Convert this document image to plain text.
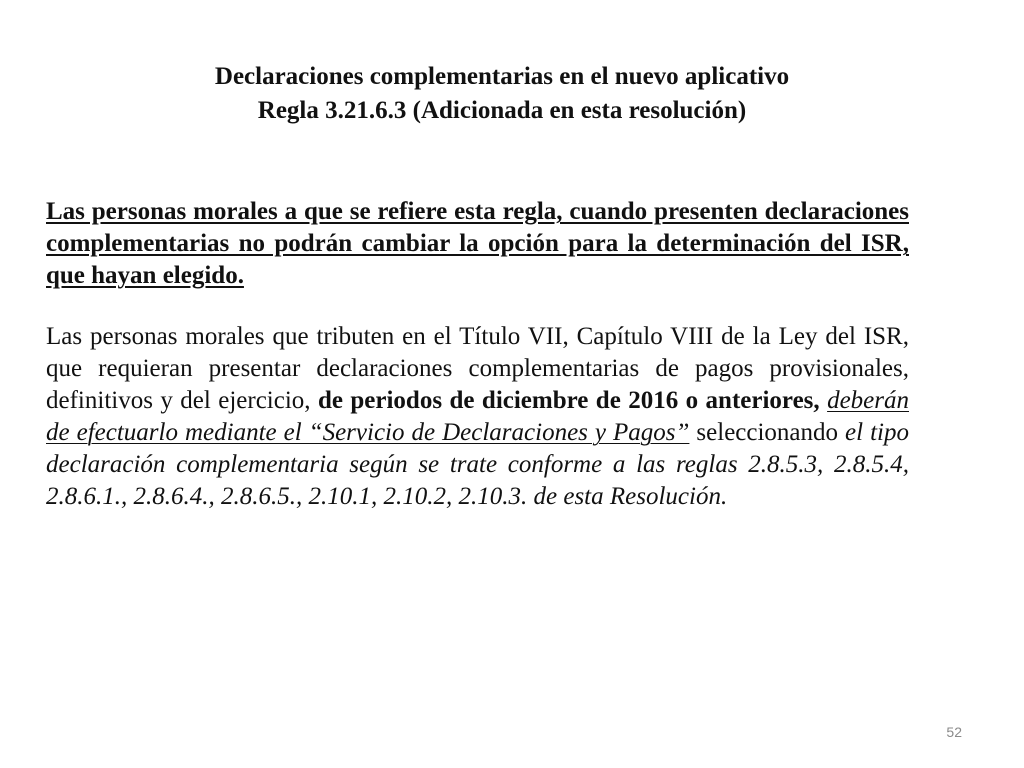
Declaraciones complementarias en el nuevo aplicativo
Regla 3.21.6.3 (Adicionada en esta resolución)
Las personas morales a que se refiere esta regla, cuando presenten declaraciones complementarias no podrán cambiar la opción para la determinación del ISR, que hayan elegido.
Las personas morales que tributen en el Título VII, Capítulo VIII de la Ley del ISR, que requieran presentar declaraciones complementarias de pagos provisionales, definitivos y del ejercicio, de periodos de diciembre de 2016 o anteriores, deberán de efectuarlo mediante el “Servicio de Declaraciones y Pagos” seleccionando el tipo declaración complementaria según se trate conforme a las reglas 2.8.5.3, 2.8.5.4, 2.8.6.1., 2.8.6.4., 2.8.6.5., 2.10.1, 2.10.2, 2.10.3. de esta Resolución.
52
